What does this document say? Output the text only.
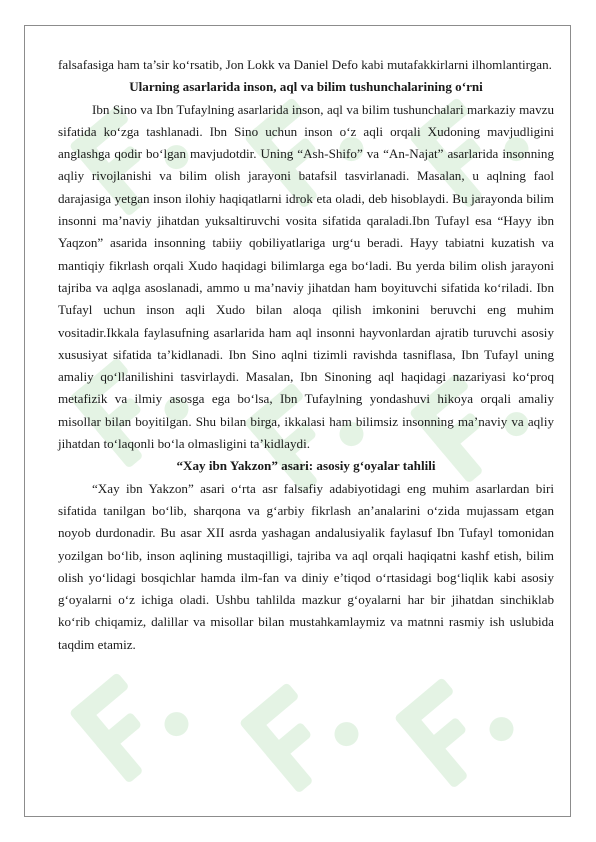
falsafasiga ham ta’sir ko‘rsatib, Jon Lokk va Daniel Defo kabi mutafakkirlarni ilhomlantirgan.

Ularning asarlarida inson, aql va bilim tushunchalarining o‘rni

Ibn Sino va Ibn Tufaylning asarlarida inson, aql va bilim tushunchalari markaziy mavzu sifatida ko‘zga tashlanadi. Ibn Sino uchun inson o‘z aqli orqali Xudoning mavjudligini anglashga qodir bo‘lgan mavjudotdir. Uning “Ash-Shifo” va “An-Najat” asarlarida insonning aqliy rivojlanishi va bilim olish jarayoni batafsil tasvirlanadi. Masalan, u aqlning faol darajasiga yetgan inson ilohiy haqiqatlarni idrok eta oladi, deb hisoblaydi. Bu jarayonda bilim insonni ma’naviy jihatdan yuksaltiruvchi vosita sifatida qaraladi.Ibn Tufayl esa “Hayy ibn Yaqzon” asarida insonning tabiiy qobiliyatlariga urg‘u beradi. Hayy tabiatni kuzatish va mantiqiy fikrlash orqali Xudo haqidagi bilimlarga ega bo‘ladi. Bu yerda bilim olish jarayoni tajriba va aqlga asoslanadi, ammo u ma’naviy jihatdan ham boyituvchi sifatida ko‘riladi. Ibn Tufayl uchun inson aqli Xudo bilan aloqa qilish imkonini beruvchi eng muhim vositadir.Ikkala faylasufning asarlarida ham aql insonni hayvonlardan ajratib turuvchi asosiy xususiyat sifatida ta’kidlanadi. Ibn Sino aqlni tizimli ravishda tasniflasa, Ibn Tufayl uning amaliy qo‘llanilishini tasvirlaydi. Masalan, Ibn Sinoning aql haqidagi nazariyasi ko‘proq metafizik va ilmiy asosga ega bo‘lsa, Ibn Tufaylning yondashuvi hikoya orqali amaliy misollar bilan boyitilgan. Shu bilan birga, ikkalasi ham bilimsiz insonning ma’naviy va aqliy jihatdan to‘laqonli bo‘la olmasligini ta’kidlaydi.

“Xay ibn Yakzon” asari: asosiy g‘oyalar tahlili

“Xay ibn Yakzon” asari o‘rta asr falsafiy adabiyotidagi eng muhim asarlardan biri sifatida tanilgan bo‘lib, sharqona va g‘arbiy fikrlash an’analarini o‘zida mujassam etgan noyob durdonadir. Bu asar XII asrda yashagan andalusiyalik faylasuf Ibn Tufayl tomonidan yozilgan bo‘lib, inson aqlining mustaqilligi, tajriba va aql orqali haqiqatni kashf etish, bilim olish yo‘lidagi bosqichlar hamda ilm-fan va diniy e’tiqod o‘rtasidagi bog‘liqlik kabi asosiy g‘oyalarni o‘z ichiga oladi. Ushbu tahlilda mazkur g‘oyalarni har bir jihatdan sinchiklab ko‘rib chiqamiz, dalillar va misollar bilan mustahkamlaymiz va matnni rasmiy ish uslubida taqdim etamiz.
